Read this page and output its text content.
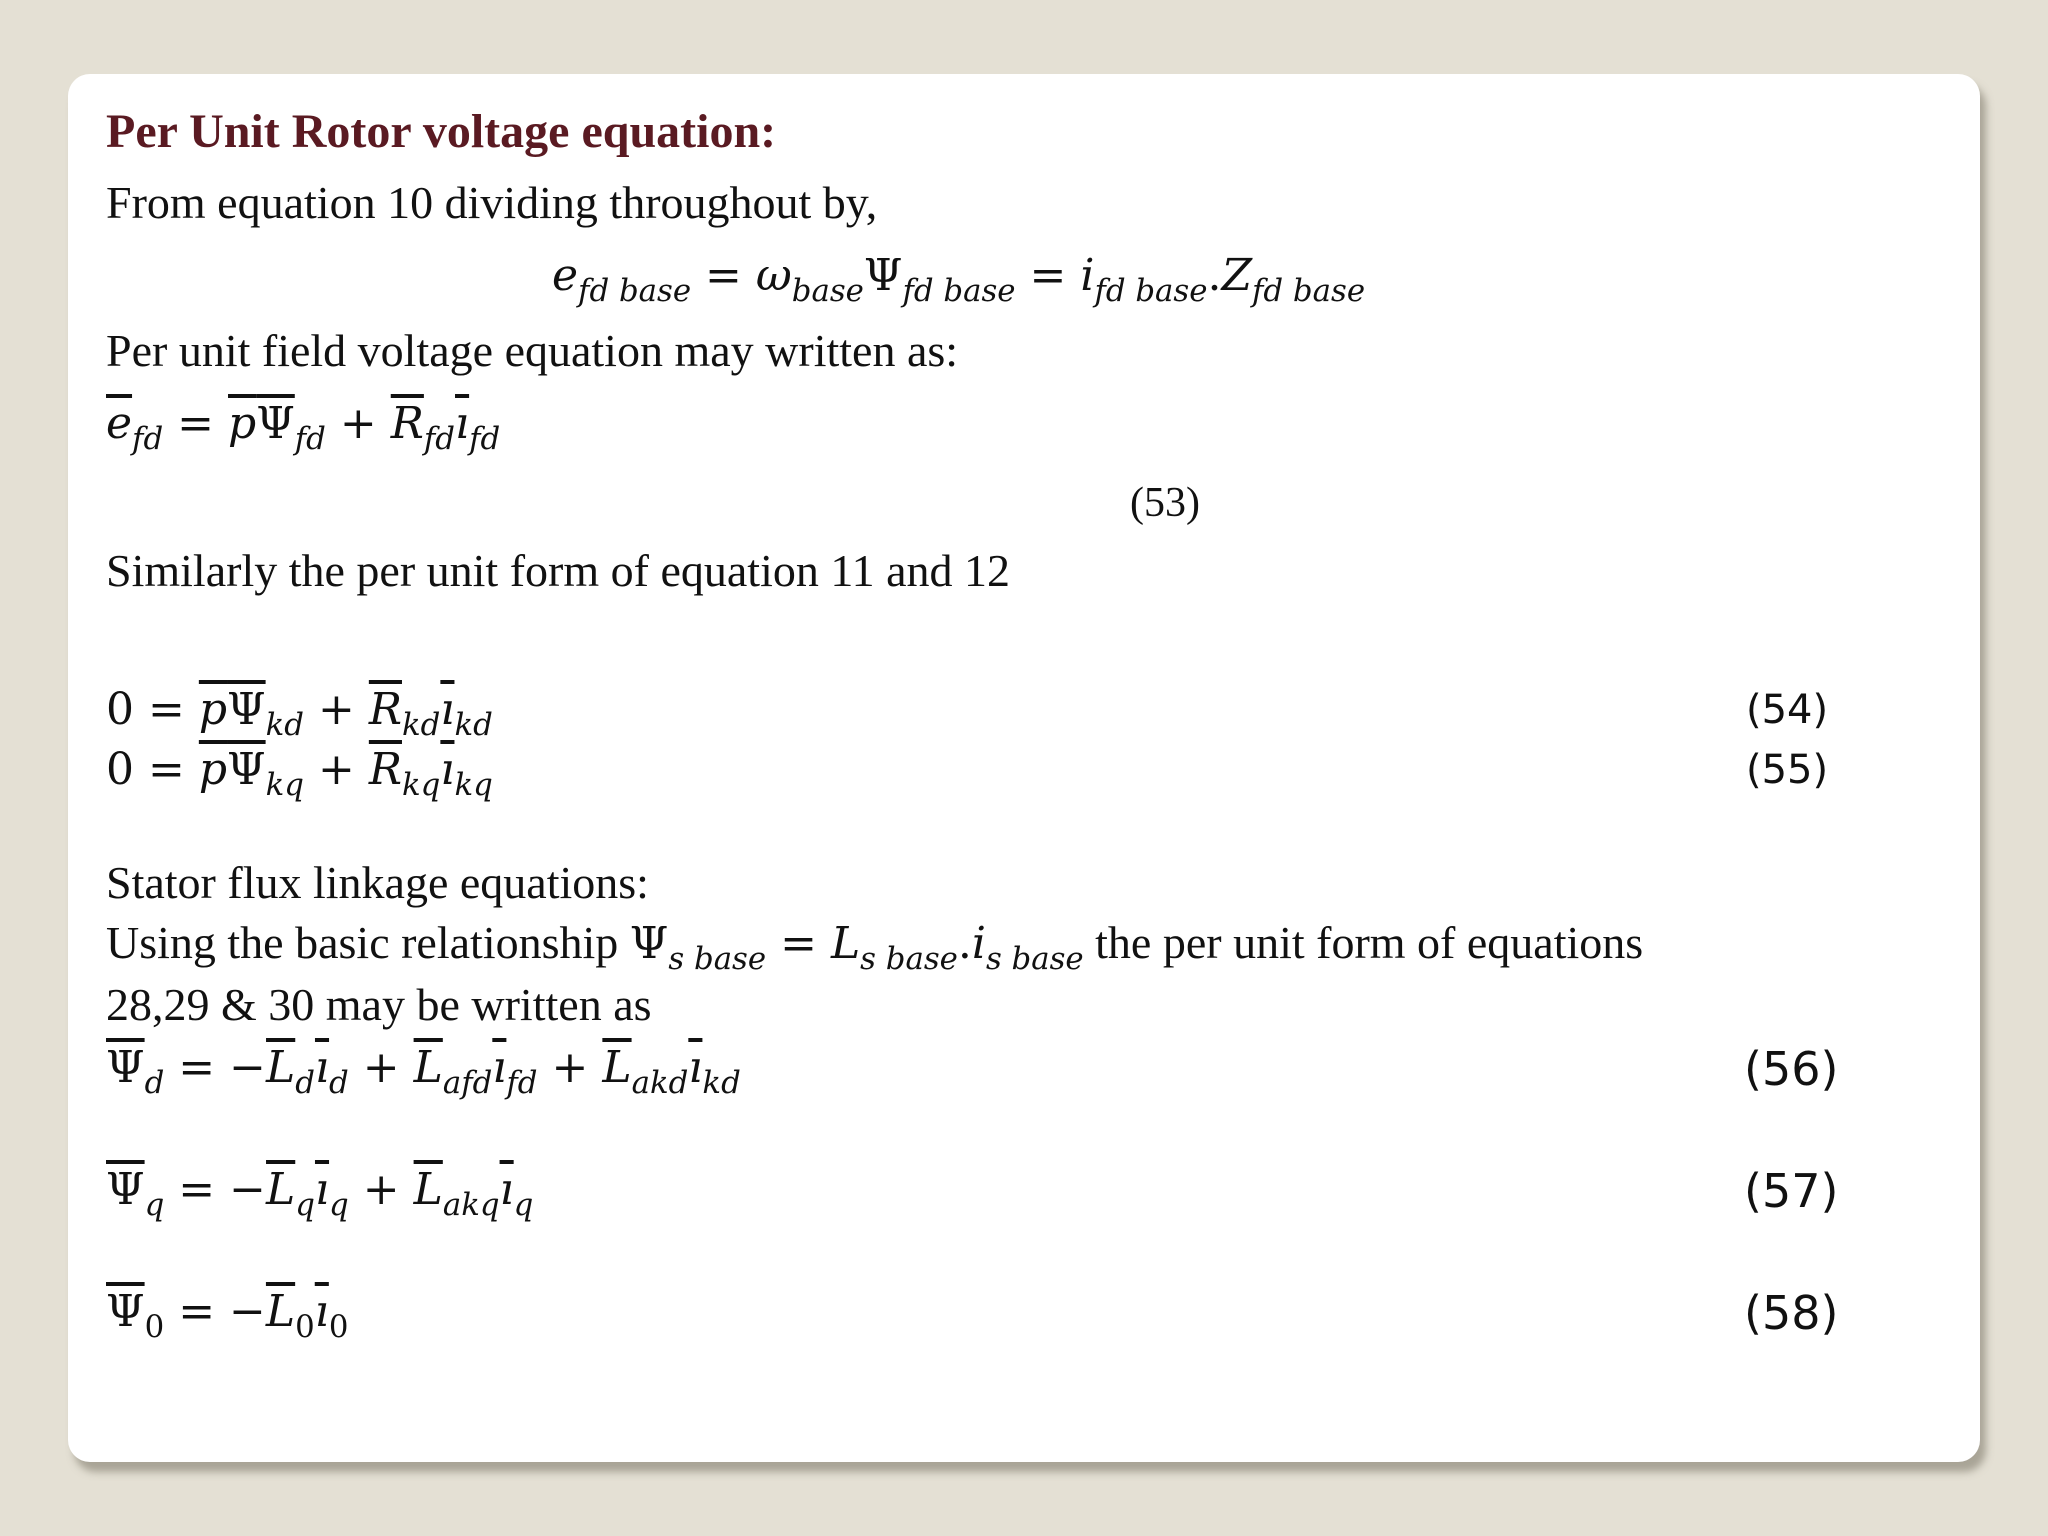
Per Unit Rotor voltage equation:
From equation 10 dividing throughout by,
$e_{fd base} = \omega_{base}\Psi_{fd base} = i_{fd base}.Z_{fd base}$
Per unit field voltage equation may written as:
$\overline{e}_{fd} = \overline{p}\overline{\Psi}_{fd} + \overline{R}_{fd}\overline{ı}_{fd}$
(53)
Similarly the per unit form of equation 11 and 12
$0 = \overline{p}\overline{\Psi}_{kd} + \overline{R}_{kd}\overline{ı}_{kd}$	(54)
$0 = \overline{p}\overline{\Psi}_{kq} + \overline{R}_{kq}\overline{ı}_{kq}$	(55)
Stator flux linkage equations:
Using the basic relationship $\Psi_{s base} = L_{s base}.i_{s base}$ the per unit form of equations
28,29 & 30 may be written as
$\overline{\Psi}_d = -\overline{L}_d\overline{ı}_d + \overline{L}_{afd}\overline{ı}_{fd} + \overline{L}_{akd}\overline{ı}_{kd}$	(56)
$\overline{\Psi}_q = -\overline{L}_q\overline{ı}_q + \overline{L}_{akq}\overline{ı}_q$	(57)
$\overline{\Psi}_0 = -\overline{L}_0\overline{ı}_0$	(58)
